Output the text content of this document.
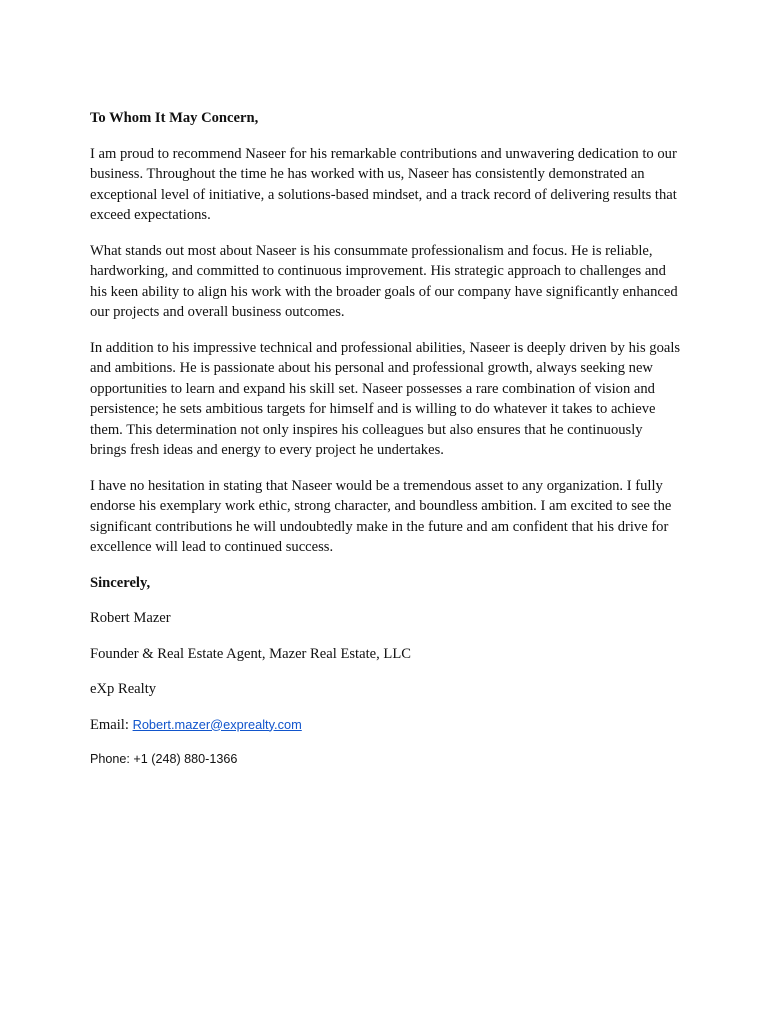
To Whom It May Concern,

I am proud to recommend Naseer for his remarkable contributions and unwavering dedication to our business. Throughout the time he has worked with us, Naseer has consistently demonstrated an exceptional level of initiative, a solutions-based mindset, and a track record of delivering results that exceed expectations.

What stands out most about Naseer is his consummate professionalism and focus. He is reliable, hardworking, and committed to continuous improvement. His strategic approach to challenges and his keen ability to align his work with the broader goals of our company have significantly enhanced our projects and overall business outcomes.

In addition to his impressive technical and professional abilities, Naseer is deeply driven by his goals and ambitions. He is passionate about his personal and professional growth, always seeking new opportunities to learn and expand his skill set. Naseer possesses a rare combination of vision and persistence; he sets ambitious targets for himself and is willing to do whatever it takes to achieve them. This determination not only inspires his colleagues but also ensures that he continuously brings fresh ideas and energy to every project he undertakes.

I have no hesitation in stating that Naseer would be a tremendous asset to any organization. I fully endorse his exemplary work ethic, strong character, and boundless ambition. I am excited to see the significant contributions he will undoubtedly make in the future and am confident that his drive for excellence will lead to continued success.

Sincerely,

Robert Mazer

Founder & Real Estate Agent, Mazer Real Estate, LLC

eXp Realty

Email: Robert.mazer@exprealty.com

Phone: +1 (248) 880-1366
